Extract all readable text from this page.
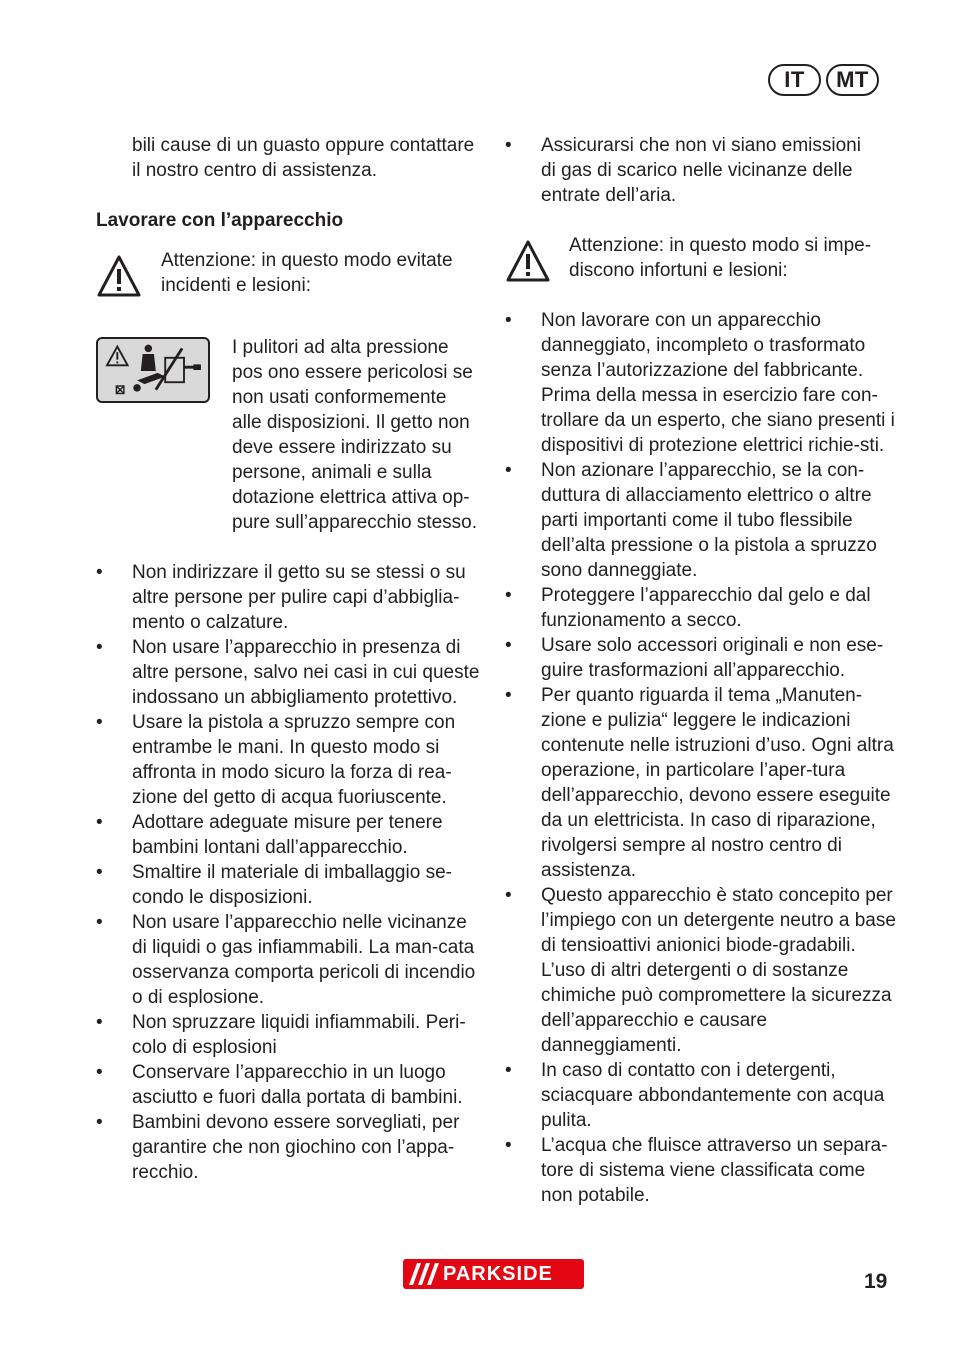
IT	MT

bili cause di un guasto oppure contattare il nostro centro di assistenza.

Lavorare con l’apparecchio

Attenzione: in questo modo evitate incidenti e lesioni:
I pulitori ad alta pressione pos ono essere pericolosi se non usati conformemente alle disposizioni. Il getto non deve essere indirizzato su persone, animali e sulla dotazione elettrica attiva op-pure sull’apparecchio stesso.
• Non indirizzare il getto su se stessi o su altre persone per pulire capi d’abbiglia-mento o calzature.
• Non usare l’apparecchio in presenza di altre persone, salvo nei casi in cui queste indossano un abbigliamento protettivo.
• Usare la pistola a spruzzo sempre con entrambe le mani. In questo modo si affronta in modo sicuro la forza di rea-zione del getto di acqua fuoriuscente.
• Adottare adeguate misure per tenere bambini lontani dall’apparecchio.
• Smaltire il materiale di imballaggio se-condo le disposizioni.
• Non usare l’apparecchio nelle vicinanze di liquidi o gas infiammabili. La man-cata osservanza comporta pericoli di incendio o di esplosione.
• Non spruzzare liquidi infiammabili. Peri-colo di esplosioni
• Conservare l’apparecchio in un luogo asciutto e fuori dalla portata di bambini.
• Bambini devono essere sorvegliati, per garantire che non giochino con l’appa-recchio.
• Assicurarsi che non vi siano emissioni di gas di scarico nelle vicinanze delle entrate dell’aria.
Attenzione: in questo modo si impe-discono infortuni e lesioni:
• Non lavorare con un apparecchio danneggiato, incompleto o trasformato senza l’autorizzazione del fabbricante. Prima della messa in esercizio fare con-trollare da un esperto, che siano presenti i dispositivi di protezione elettrici richie-sti.
• Non azionare l’apparecchio, se la con-duttura di allacciamento elettrico o altre parti importanti come il tubo flessibile dell’alta pressione o la pistola a spruzzo sono danneggiate.
• Proteggere l’apparecchio dal gelo e dal funzionamento a secco.
• Usare solo accessori originali e non ese-guire trasformazioni all’apparecchio.
• Per quanto riguarda il tema „Manuten-zione e pulizia“ leggere le indicazioni contenute nelle istruzioni d’uso. Ogni altra operazione, in particolare l’aper-tura dell’apparecchio, devono essere eseguite da un elettricista. In caso di riparazione, rivolgersi sempre al nostro centro di assistenza.
• Questo apparecchio è stato concepito per l’impiego con un detergente neutro a base di tensioattivi anionici biode-gradabili. L’uso di altri detergenti o di sostanze chimiche può compromettere la sicurezza dell’apparecchio e causare danneggiamenti.
• In caso di contatto con i detergenti, sciacquare abbondantemente con acqua pulita.
• L’acqua che fluisce attraverso un separa-tore di sistema viene classificata come non potabile.
PARKSIDE	19
